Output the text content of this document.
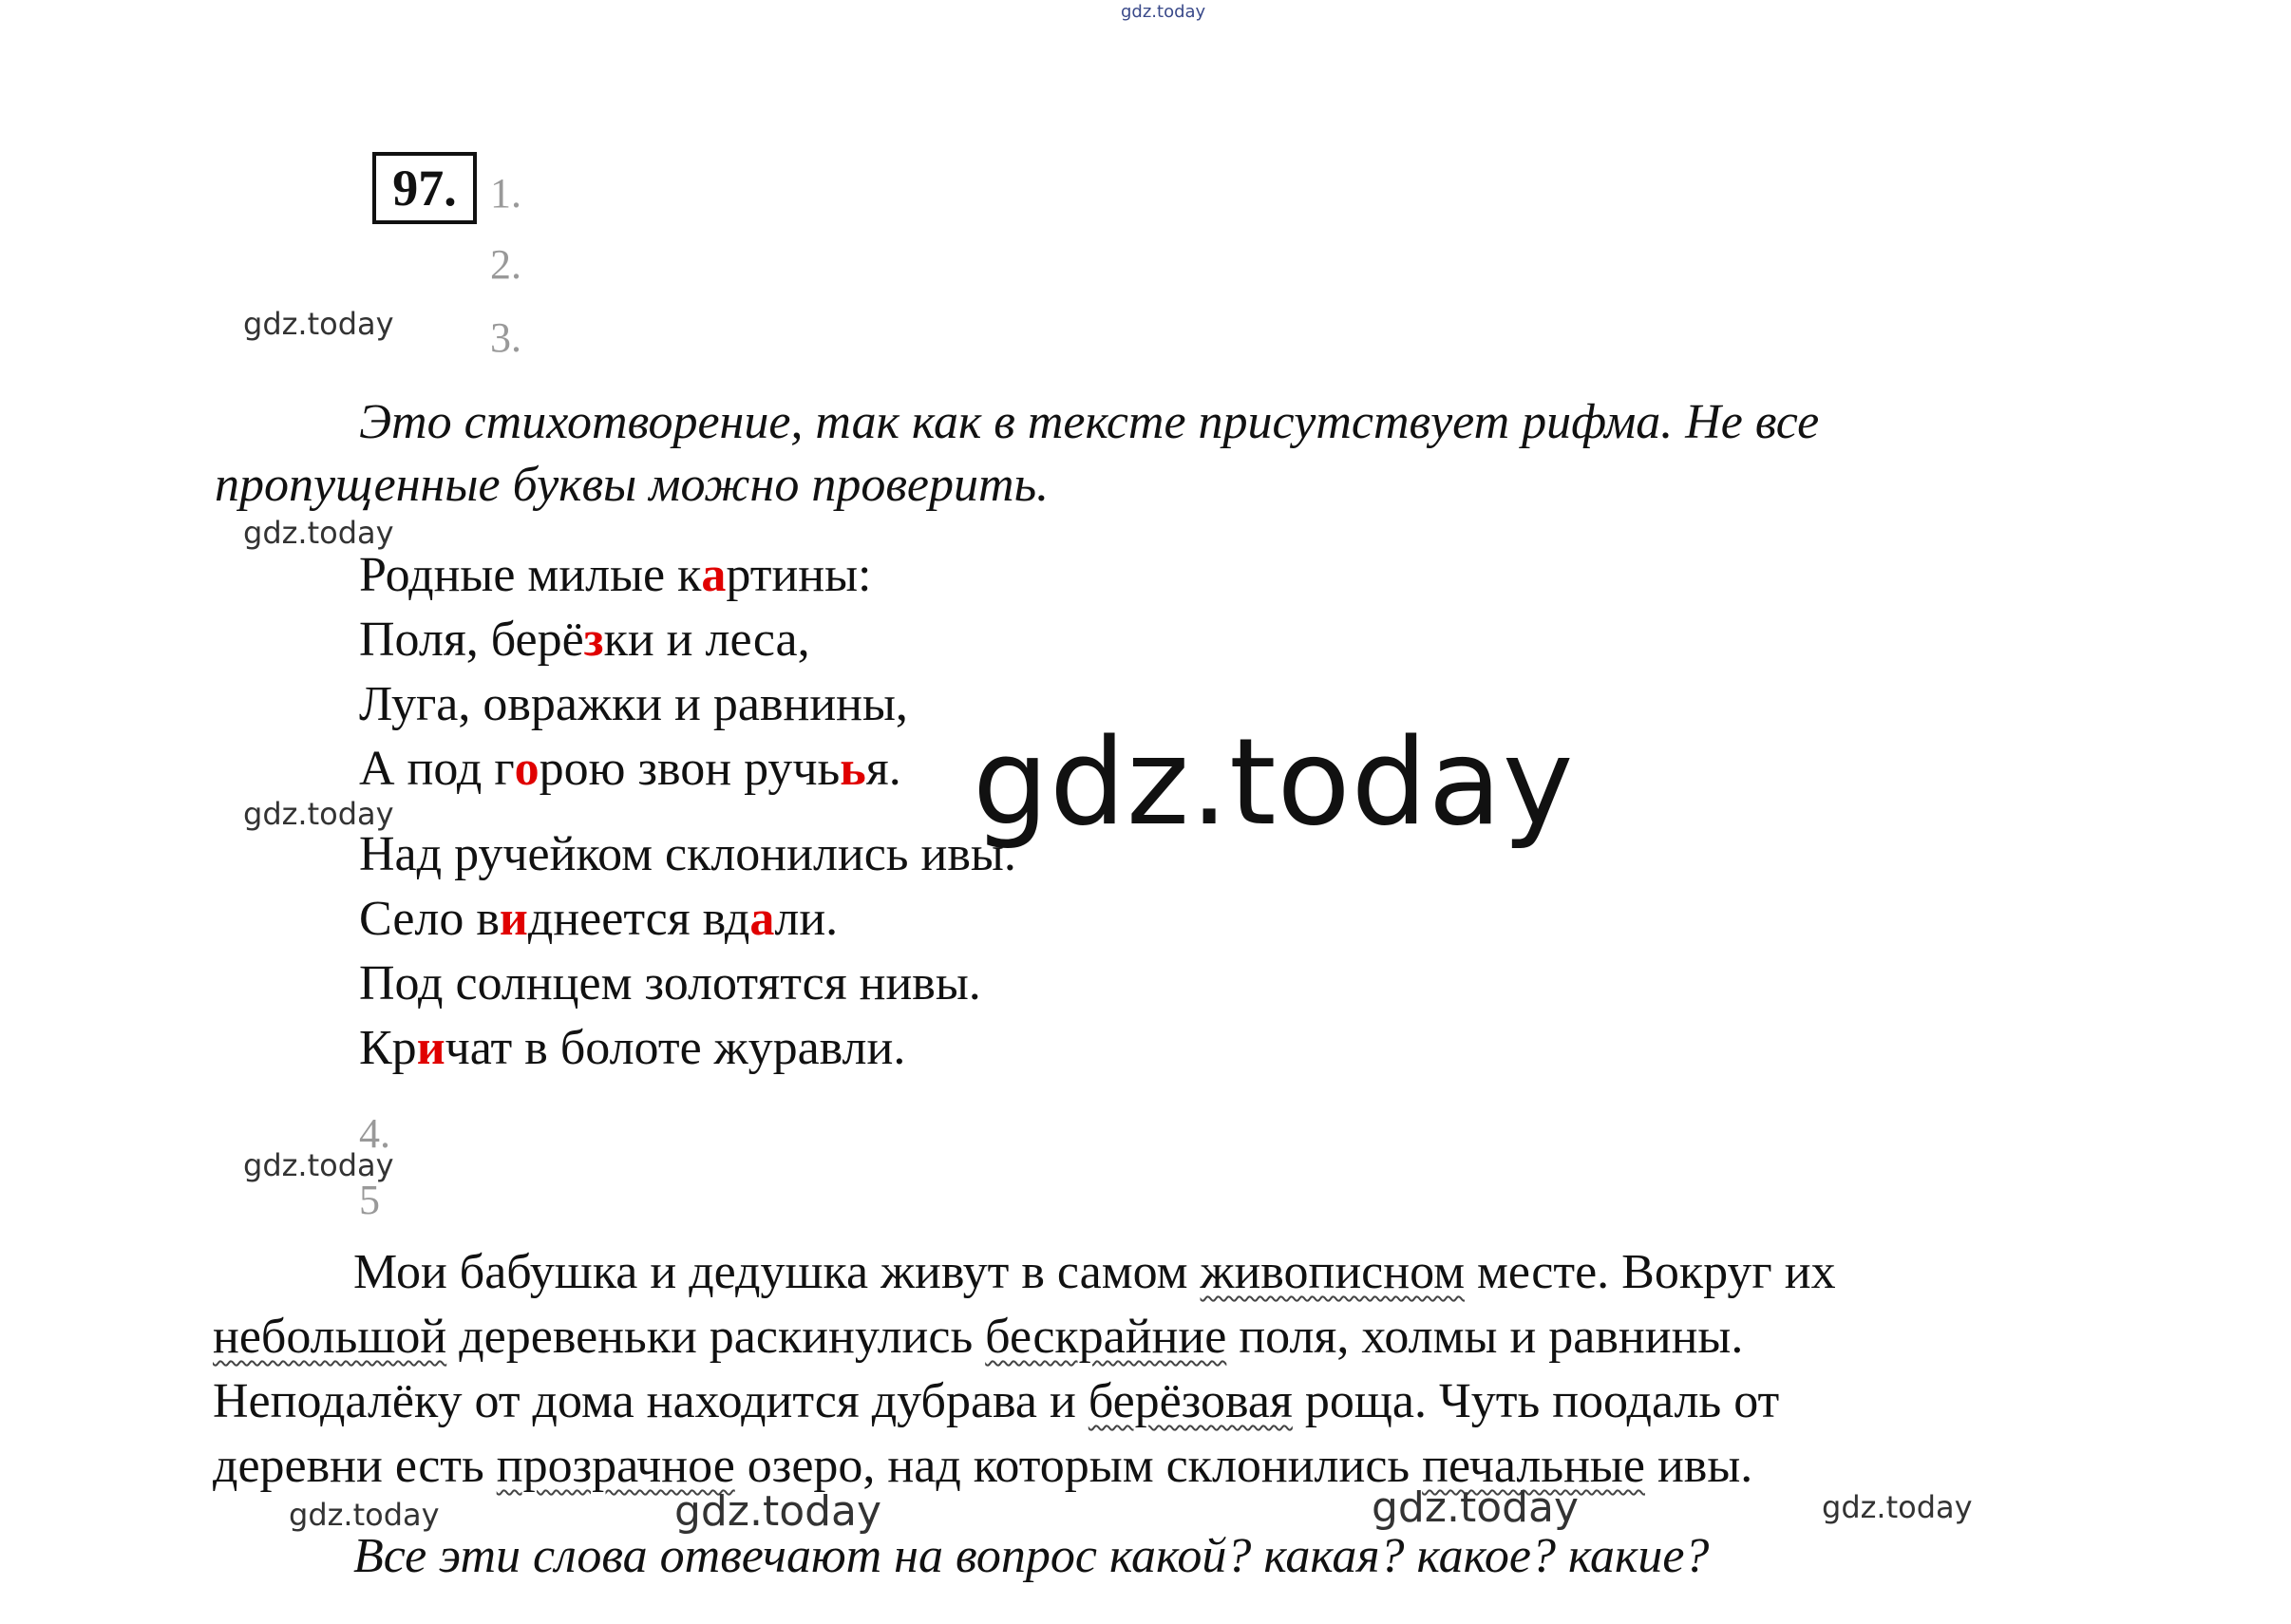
gdz.today
97. 1.
2.
3.
gdz.today
Это стихотворение, так как в тексте присутствует рифма. Не все
пропущенные буквы можно проверить.
gdz.today
Родные милые картины:
Поля, берёзки и леса,
Луга, овражки и равнины,
А под горою звон ручьья.
Над ручейком склонились ивы.
Село виднеется вдали.
Под солнцем золотятся нивы.
Кричат в болоте журавли.
gdz.today	gdz.today
4.
gdz.today
5
Мои бабушка и дедушка живут в самом живописном месте. Вокруг их
небольшой деревеньки раскинулись бескрайние поля, холмы и равнины.
Неподалёку от дома находится дубрава и берёзовая роща. Чуть поодаль от
деревни есть прозрачное озеро, над которым склонились печальные ивы.
gdz.today	gdz.today	gdz.today	gdz.today
Все эти слова отвечают на вопрос какой? какая? какое? какие?
